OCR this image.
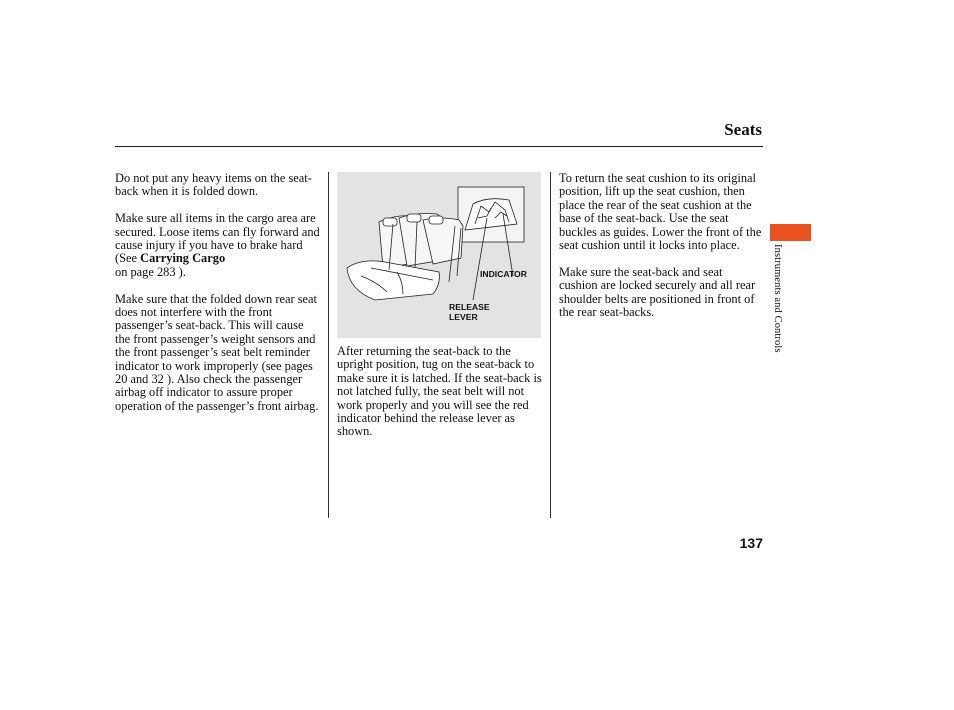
Seats

Do not put any heavy items on the seat-back when it is folded down.

Make sure all items in the cargo area are secured. Loose items can fly forward and cause injury if you have to brake hard (See Carrying Cargo
on page 283 ).

Make sure that the folded down rear seat does not interfere with the front passenger’s seat-back. This will cause the front passenger’s weight sensors and the front passenger’s seat belt reminder indicator to work improperly (see pages 20 and 32 ). Also check the passenger airbag off indicator to assure proper operation of the passenger’s front airbag.

INDICATOR
RELEASE
LEVER

After returning the seat-back to the upright position, tug on the seat-back to make sure it is latched. If the seat-back is not latched fully, the seat belt will not work properly and you will see the red indicator behind the release lever as shown.

To return the seat cushion to its original position, lift up the seat cushion, then place the rear of the seat cushion at the base of the seat-back. Use the seat buckles as guides. Lower the front of the seat cushion until it locks into place.

Make sure the seat-back and seat cushion are locked securely and all rear shoulder belts are positioned in front of the rear seat-backs.	Instruments and Controls
137
